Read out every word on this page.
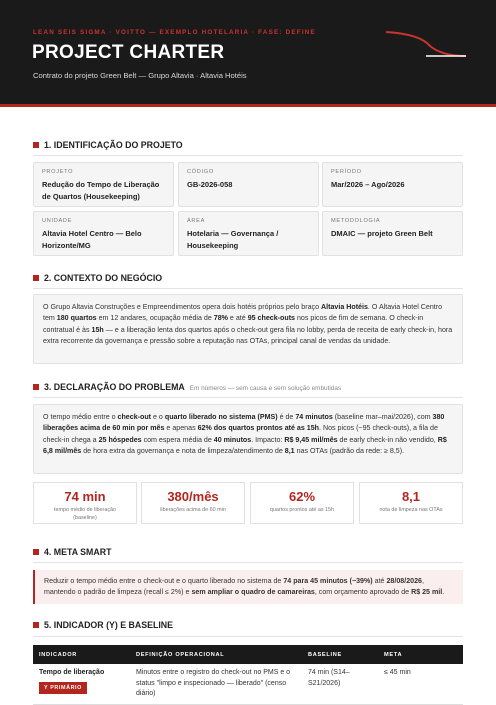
LEAN SEIS SIGMA · VOITTO — EXEMPLO HOTELARIA · FASE: DEFINE
PROJECT CHARTER
Contrato do projeto Green Belt — Grupo Altavia · Altavia Hotéis
1. IDENTIFICAÇÃO DO PROJETO
PROJETO
Redução do Tempo de Liberação de Quartos (Housekeeping)
CÓDIGO
GB-2026-058
PERÍODO
Mar/2026 – Ago/2026
UNIDADE
Altavia Hotel Centro — Belo Horizonte/MG
ÁREA
Hotelaria — Governança / Housekeeping
METODOLOGIA
DMAIC — projeto Green Belt
2. CONTEXTO DO NEGÓCIO
O Grupo Altavia Construções e Empreendimentos opera dois hotéis próprios pelo braço Altavia Hotéis. O Altavia Hotel Centro tem 180 quartos em 12 andares, ocupação média de 78% e até 95 check-outs nos picos de fim de semana. O check-in contratual é às 15h — e a liberação lenta dos quartos após o check-out gera fila no lobby, perda de receita de early check-in, hora extra recorrente da governança e pressão sobre a reputação nas OTAs, principal canal de vendas da unidade.
3. DECLARAÇÃO DO PROBLEMA Em números — sem causa e sem solução embutidas
O tempo médio entre o check-out e o quarto liberado no sistema (PMS) é de 74 minutos (baseline mar–mai/2026), com 380 liberações acima de 60 min por mês e apenas 62% dos quartos prontos até as 15h. Nos picos (~95 check-outs), a fila de check-in chega a 25 hóspedes com espera média de 40 minutos. Impacto: R$ 9,45 mil/mês de early check-in não vendido, R$ 6,8 mil/mês de hora extra da governança e nota de limpeza/atendimento de 8,1 nas OTAs (padrão da rede: ≥ 8,5).
74 min
tempo médio de liberação (baseline)
380/mês
liberações acima de 60 min
62%
quartos prontos até as 15h
8,1
nota de limpeza nas OTAs
4. META SMART
Reduzir o tempo médio entre o check-out e o quarto liberado no sistema de 74 para 45 minutos (−39%) até 28/08/2026, mantendo o padrão de limpeza (recall ≤ 2%) e sem ampliar o quadro de camareiras, com orçamento aprovado de R$ 25 mil.
5. INDICADOR (Y) E BASELINE
INDICADOR	DEFINIÇÃO OPERACIONAL	BASELINE	META

Tempo de liberação
Y PRIMÁRIO	Minutos entre o registro do check-out no PMS e o status "limpo e inspecionado — liberado" (censo diário)	74 min (S14–S21/2026)	≤ 45 min
